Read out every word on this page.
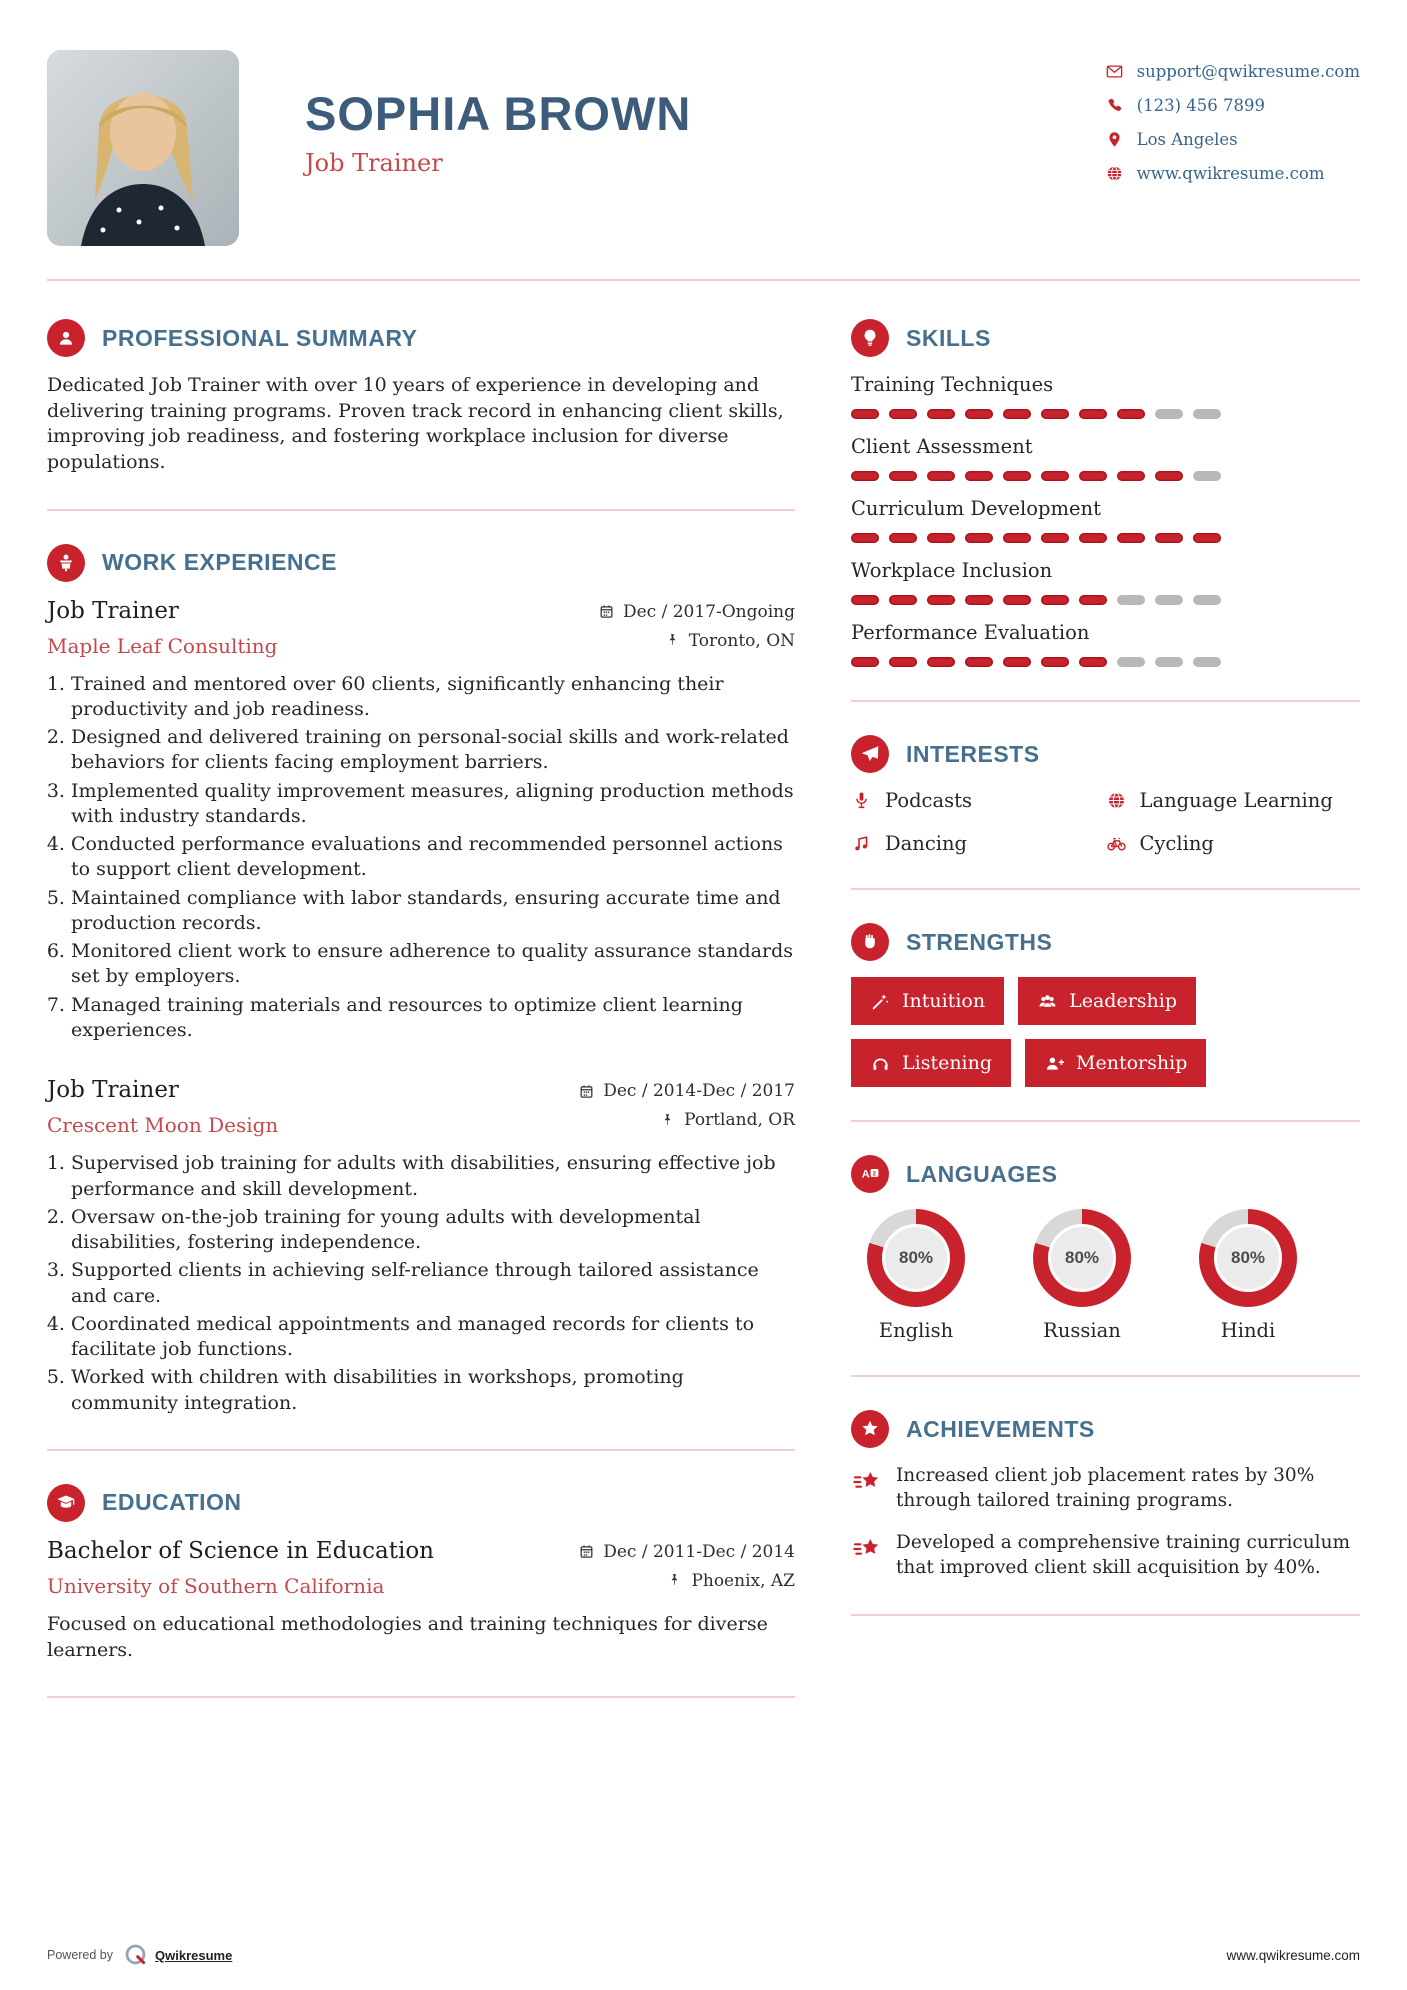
SOPHIA BROWN
Job Trainer
support@qwikresume.com
(123) 456 7899
Los Angeles
www.qwikresume.com
PROFESSIONAL SUMMARY

Dedicated Job Trainer with over 10 years of experience in developing and delivering training programs. Proven track record in enhancing client skills, improving job readiness, and fostering workplace inclusion for diverse populations.

WORK EXPERIENCE
Job Trainer
Maple Leaf Consulting
Dec / 2017-Ongoing
Toronto, ON
1. Trained and mentored over 60 clients, significantly enhancing their productivity and job readiness.
2. Designed and delivered training on personal-social skills and work-related behaviors for clients facing employment barriers.
3. Implemented quality improvement measures, aligning production methods with industry standards.
4. Conducted performance evaluations and recommended personnel actions to support client development.
5. Maintained compliance with labor standards, ensuring accurate time and production records.
6. Monitored client work to ensure adherence to quality assurance standards set by employers.
7. Managed training materials and resources to optimize client learning experiences.
Job Trainer
Crescent Moon Design
Dec / 2014-Dec / 2017
Portland, OR
1. Supervised job training for adults with disabilities, ensuring effective job performance and skill development.
2. Oversaw on-the-job training for young adults with developmental disabilities, fostering independence.
3. Supported clients in achieving self-reliance through tailored assistance and care.
4. Coordinated medical appointments and managed records for clients to facilitate job functions.
5. Worked with children with disabilities in workshops, promoting community integration.
EDUCATION
Bachelor of Science in Education
University of Southern California
Dec / 2011-Dec / 2014
Phoenix, AZ

Focused on educational methodologies and training techniques for diverse learners.

SKILLS
Training Techniques
Client Assessment
Curriculum Development
Workplace Inclusion
Performance Evaluation
INTERESTS
Podcasts	Language Learning
Dancing	Cycling
STRENGTHS
Intuition	Leadership
Listening	Mentorship
A z LANGUAGES
80%
English
80%
Russian
80%
Hindi
ACHIEVEMENTS
Increased client job placement rates by 30% through tailored training programs.
Developed a comprehensive training curriculum that improved client skill acquisition by 40%.
Powered by	Qwikresume	www.qwikresume.com
